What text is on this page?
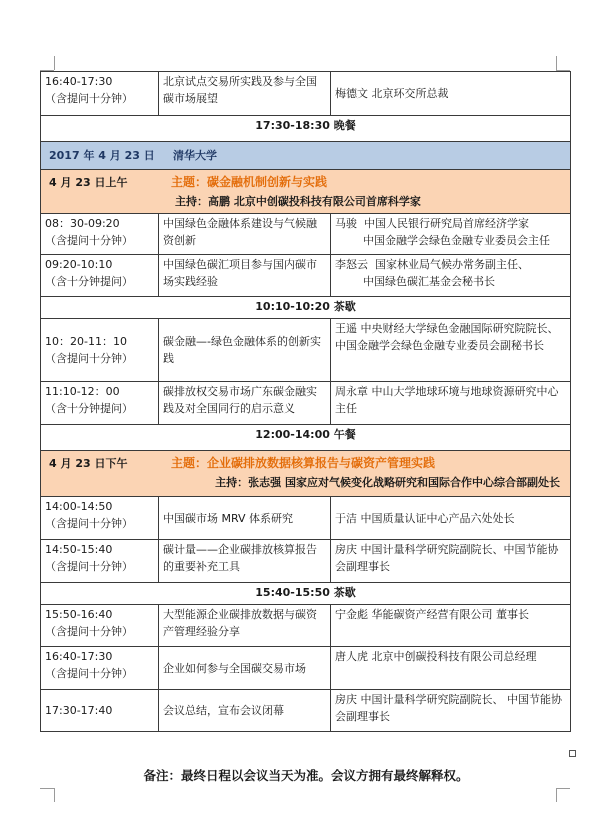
16:40-17:30
（含提问十分钟）	北京试点交易所实践及参与全国碳市场展望	梅德文 北京环交所总裁
17:30-18:30 晚餐		
2017 年 4 月 23 日 清华大学		

4 月 23 日上午 主题：碳金融机制创新与实践
主持：高鹏 北京中创碳投科技有限公司首席科学家		

08：30-09:20
（含提问十分钟）	中国绿色金融体系建设与气候融资创新	马骏  中国人民银行研究局首席经济学家
中国金融学会绿色金融专业委员会主任
09:20-10:10
（含十分钟提问）	中国绿色碳汇项目参与国内碳市场实践经验	李怒云  国家林业局气候办常务副主任、
中国绿色碳汇基金会秘书长
10:10-10:20 茶歇		
10：20-11：10
（含提问十分钟）	碳金融—-绿色金融体系的创新实践	王遥 中央财经大学绿色金融国际研究院院长、中国金融学会绿色金融专业委员会副秘书长
11:10-12：00
（含十分钟提问）	碳排放权交易市场广东碳金融实践及对全国同行的启示意义	周永章 中山大学地球环境与地球资源研究中心主任
12:00-14:00 午餐		

4 月 23 日下午 主题：企业碳排放数据核算报告与碳资产管理实践
主持：张志强 国家应对气候变化战略研究和国际合作中心综合部副处长		

14:00-14:50
（含提问十分钟）	中国碳市场 MRV 体系研究	于洁 中国质量认证中心产品六处处长
14:50-15:40
（含提问十分钟）	碳计量——企业碳排放核算报告的重要补充工具	房庆 中国计量科学研究院副院长、中国节能协会副理事长
15:40-15:50 茶歇		
15:50-16:40
（含提问十分钟）	大型能源企业碳排放数据与碳资产管理经验分享	宁金彪 华能碳资产经营有限公司 董事长
16:40-17:30
（含提问十分钟）	企业如何参与全国碳交易市场	唐人虎 北京中创碳投科技有限公司总经理
17:30-17:40	会议总结，宣布会议闭幕	房庆 中国计量科学研究院副院长、 中国节能协会副理事长
备注：最终日程以会议当天为准。会议方拥有最终解释权。
